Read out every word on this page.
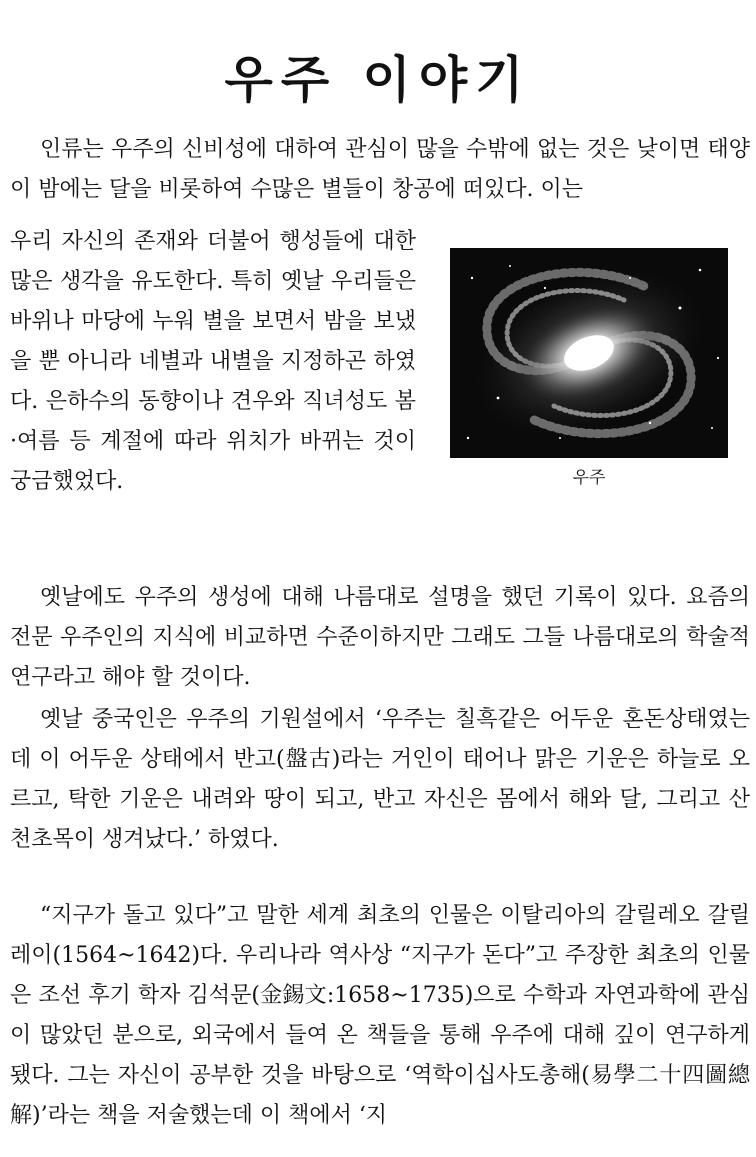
우주 이야기

인류는 우주의 신비성에 대하여 관심이 많을 수밖에 없는 것은 낮이면 태양이 밤에는 달을 비롯하여 수많은 별들이 창공에 떠있다. 이는

우리 자신의 존재와 더불어 행성들에 대한 많은 생각을 유도한다. 특히 옛날 우리들은 바위나 마당에 누워 별을 보면서 밤을 보냈을 뿐 아니라 네별과 내별을 지정하곤 하였다. 은하수의 동향이나 견우와 직녀성도 봄·여름 등 계절에 따라 위치가 바뀌는 것이 궁금했었다.	우주

옛날에도 우주의 생성에 대해 나름대로 설명을 했던 기록이 있다. 요즘의 전문 우주인의 지식에 비교하면 수준이하지만 그래도 그들 나름대로의 학술적 연구라고 해야 할 것이다.

옛날 중국인은 우주의 기원설에서 ‘우주는 칠흑같은 어두운 혼돈상태였는데 이 어두운 상태에서 반고(盤古)라는 거인이 태어나 맑은 기운은 하늘로 오르고, 탁한 기운은 내려와 땅이 되고, 반고 자신은 몸에서 해와 달, 그리고 산천초목이 생겨났다.’ 하였다.

“지구가 돌고 있다”고 말한 세계 최초의 인물은 이탈리아의 갈릴레오 갈릴레이(1564~1642)다. 우리나라 역사상 “지구가 돈다”고 주장한 최초의 인물은 조선 후기 학자 김석문(金錫文:1658~1735)으로 수학과 자연과학에 관심이 많았던 분으로, 외국에서 들여 온 책들을 통해 우주에 대해 깊이 연구하게 됐다. 그는 자신이 공부한 것을 바탕으로 ‘역학이십사도총해(易學二十四圖總解)’라는 책을 저술했는데 이 책에서 ‘지
